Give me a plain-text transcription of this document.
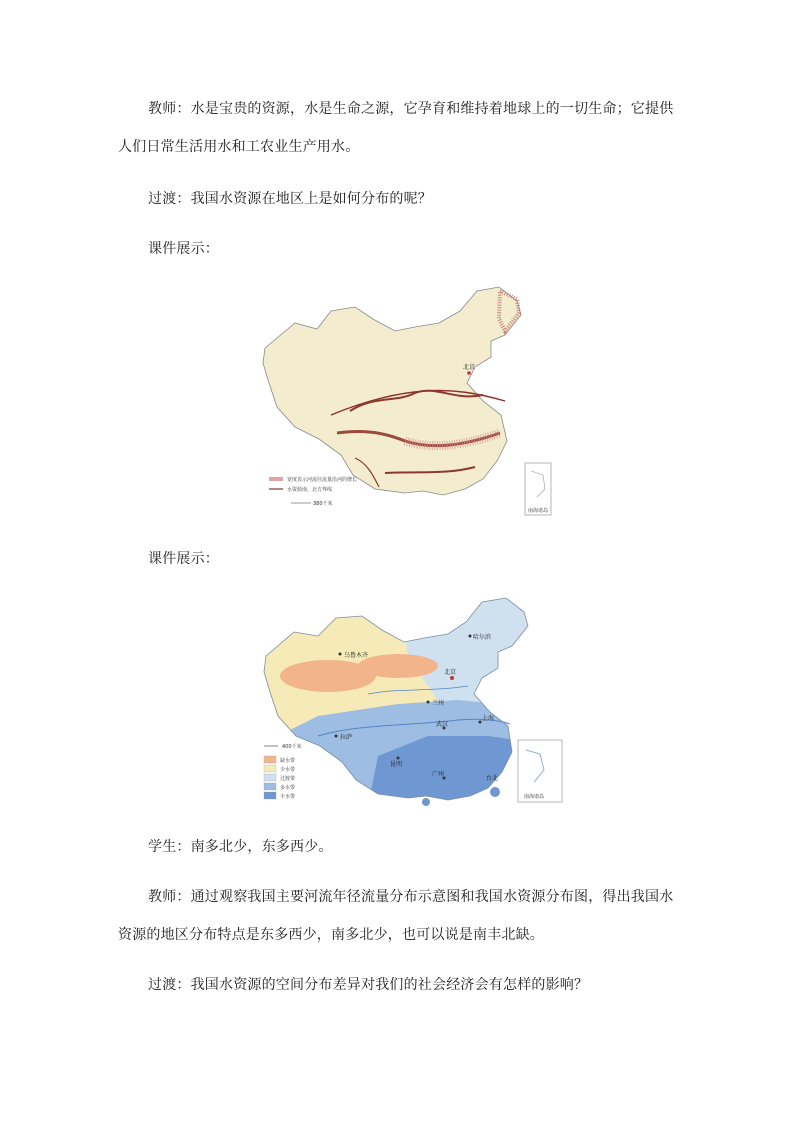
教师：水是宝贵的资源，水是生命之源，它孕育和维持着地球上的一切生命；它提供人们日常生活用水和工农业生产用水。

过渡：我国水资源在地区上是如何分布的呢？

课件展示：

北京
宽度表示河流径流量沿河的增长
水资源南、北方界线
380千米
南海诸岛

课件展示：

哈尔滨
乌鲁木齐
北京
兰州
拉萨
武汉
上海
昆明
台北
广州
400千米
缺水带
少水带
过渡带
多水带
丰水带	南海诸岛

学生：南多北少，东多西少。

教师：通过观察我国主要河流年径流量分布示意图和我国水资源分布图，得出我国水资源的地区分布特点是东多西少，南多北少，也可以说是南丰北缺。

过渡：我国水资源的空间分布差异对我们的社会经济会有怎样的影响？
